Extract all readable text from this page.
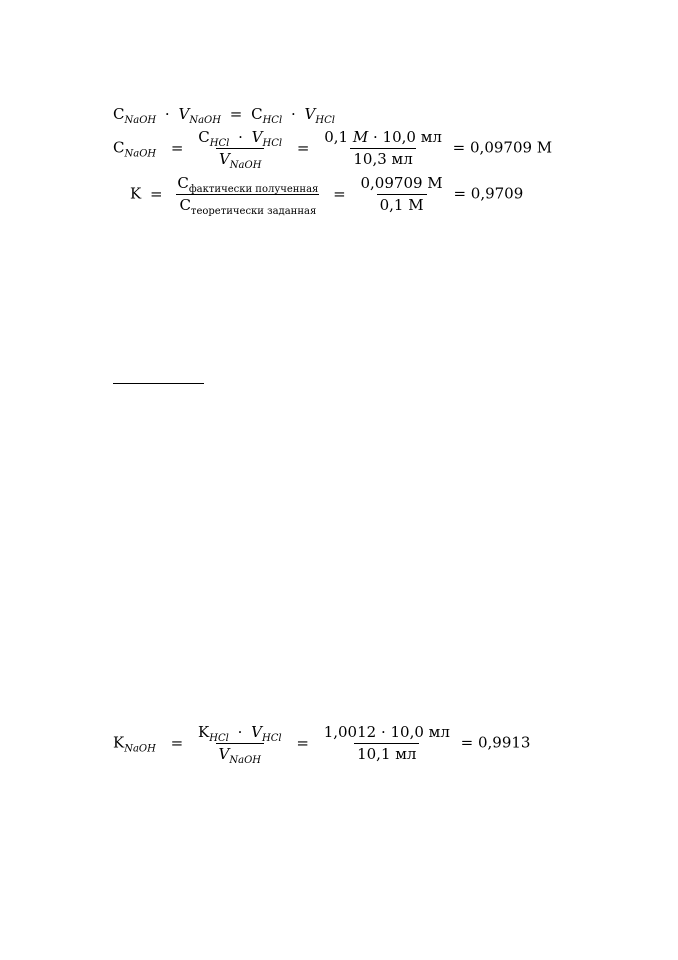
$C_{NaOH} \cdot V_{NaOH} = C_{HCl} \cdot V_{HCl}$
$C_{NaOH} = \frac{C_{HCl} \cdot V_{HCl}}{V_{NaOH}} = \frac{0,1 M \cdot 10,0 мл}{10,3 мл} = 0,09709$ М
$K = \frac{C_{фактически полученная}}{C_{теоретически заданная}} = \frac{0,09709 М}{0,1 М} = 0,9709$
$K_{NaOH} = \frac{K_{HCl} \cdot V_{HCl}}{V_{NaOH}} = \frac{1,0012 \cdot 10,0 мл}{10,1 мл} = 0,9913$
